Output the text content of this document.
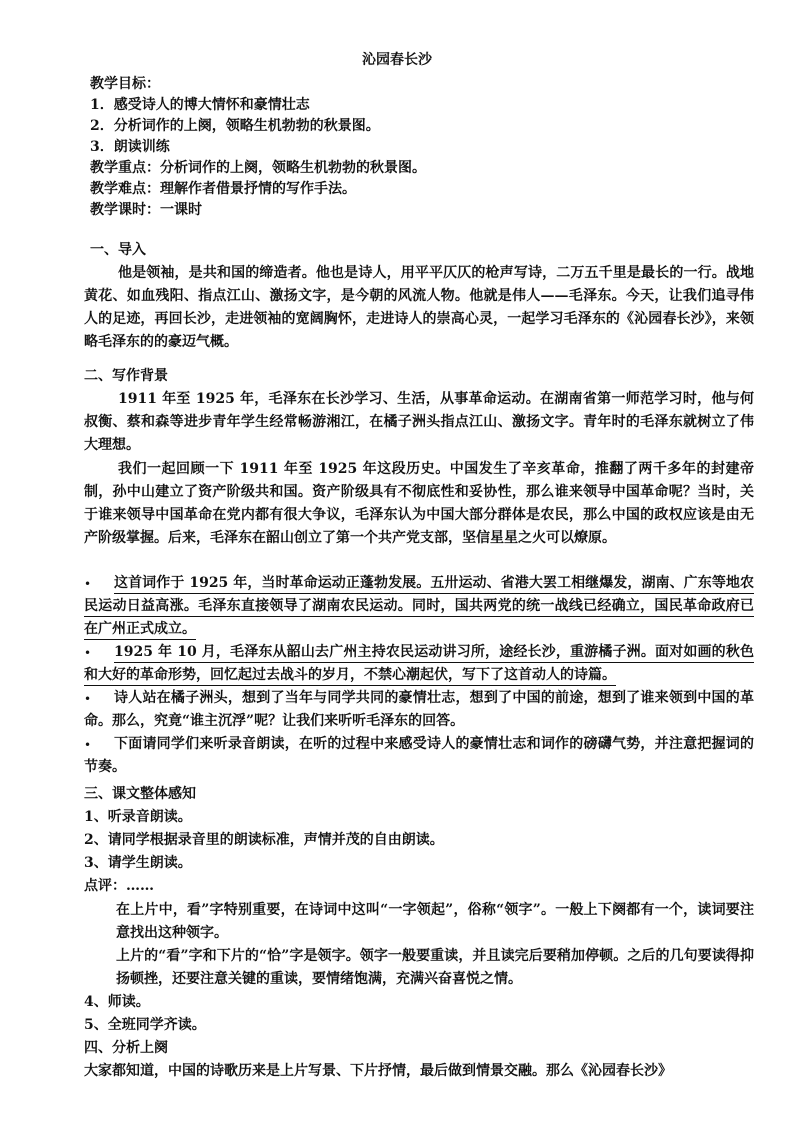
沁园春长沙
教学目标：
1．感受诗人的博大情怀和豪情壮志
2．分析词作的上阕，领略生机勃勃的秋景图。
3．朗读训练
教学重点：分析词作的上阕，领略生机勃勃的秋景图。
教学难点：理解作者借景抒情的写作手法。
教学课时：一课时
一、导入
他是领袖，是共和国的缔造者。他也是诗人，用平平仄仄的枪声写诗，二万五千里是最长的一行。战地黄花、如血残阳、指点江山、激扬文字，是今朝的风流人物。他就是伟人——毛泽东。今天，让我们追寻伟人的足迹，再回长沙，走进领袖的宽阔胸怀，走进诗人的崇高心灵，一起学习毛泽东的《沁园春长沙》，来领略毛泽东的的豪迈气概。
二、写作背景
1911 年至 1925 年，毛泽东在长沙学习、生活，从事革命运动。在湖南省第一师范学习时，他与何叔衡、蔡和森等进步青年学生经常畅游湘江，在橘子洲头指点江山、激扬文字。青年时的毛泽东就树立了伟大理想。
我们一起回顾一下 1911 年至 1925 年这段历史。中国发生了辛亥革命，推翻了两千多年的封建帝制，孙中山建立了资产阶级共和国。资产阶级具有不彻底性和妥协性，那么谁来领导中国革命呢？当时，关于谁来领导中国革命在党内都有很大争议，毛泽东认为中国大部分群体是农民，那么中国的政权应该是由无产阶级掌握。后来，毛泽东在韶山创立了第一个共产党支部，坚信星星之火可以燎原。
•	这首词作于 1925 年，当时革命运动正蓬勃发展。五卅运动、省港大罢工相继爆发，湖南、广东等地农民运动日益高涨。毛泽东直接领导了湖南农民运动。同时，国共两党的统一战线已经确立，国民革命政府已在广州正式成立。
•	1925 年 10 月，毛泽东从韶山去广州主持农民运动讲习所，途经长沙，重游橘子洲。面对如画的秋色和大好的革命形势，回忆起过去战斗的岁月，不禁心潮起伏，写下了这首动人的诗篇。
•	诗人站在橘子洲头，想到了当年与同学共同的豪情壮志，想到了中国的前途，想到了谁来领到中国的革命。那么，究竟“谁主沉浮”呢？让我们来听听毛泽东的回答。
•	下面请同学们来听录音朗读，在听的过程中来感受诗人的豪情壮志和词作的磅礴气势，并注意把握词的节奏。
三、课文整体感知
1、听录音朗读。
2、请同学根据录音里的朗读标准，声情并茂的自由朗读。
3、请学生朗读。
点评：……
在上片中，看”字特别重要，在诗词中这叫“一字领起”，俗称“领字”。一般上下阕都有一个，读词要注意找出这种领字。
上片的“看”字和下片的“恰”字是领字。领字一般要重读，并且读完后要稍加停顿。之后的几句要读得抑扬顿挫，还要注意关键的重读，要情绪饱满，充满兴奋喜悦之情。
4、师读。
5、全班同学齐读。
四、分析上阕
大家都知道，中国的诗歌历来是上片写景、下片抒情，最后做到情景交融。那么《沁园春长沙》
